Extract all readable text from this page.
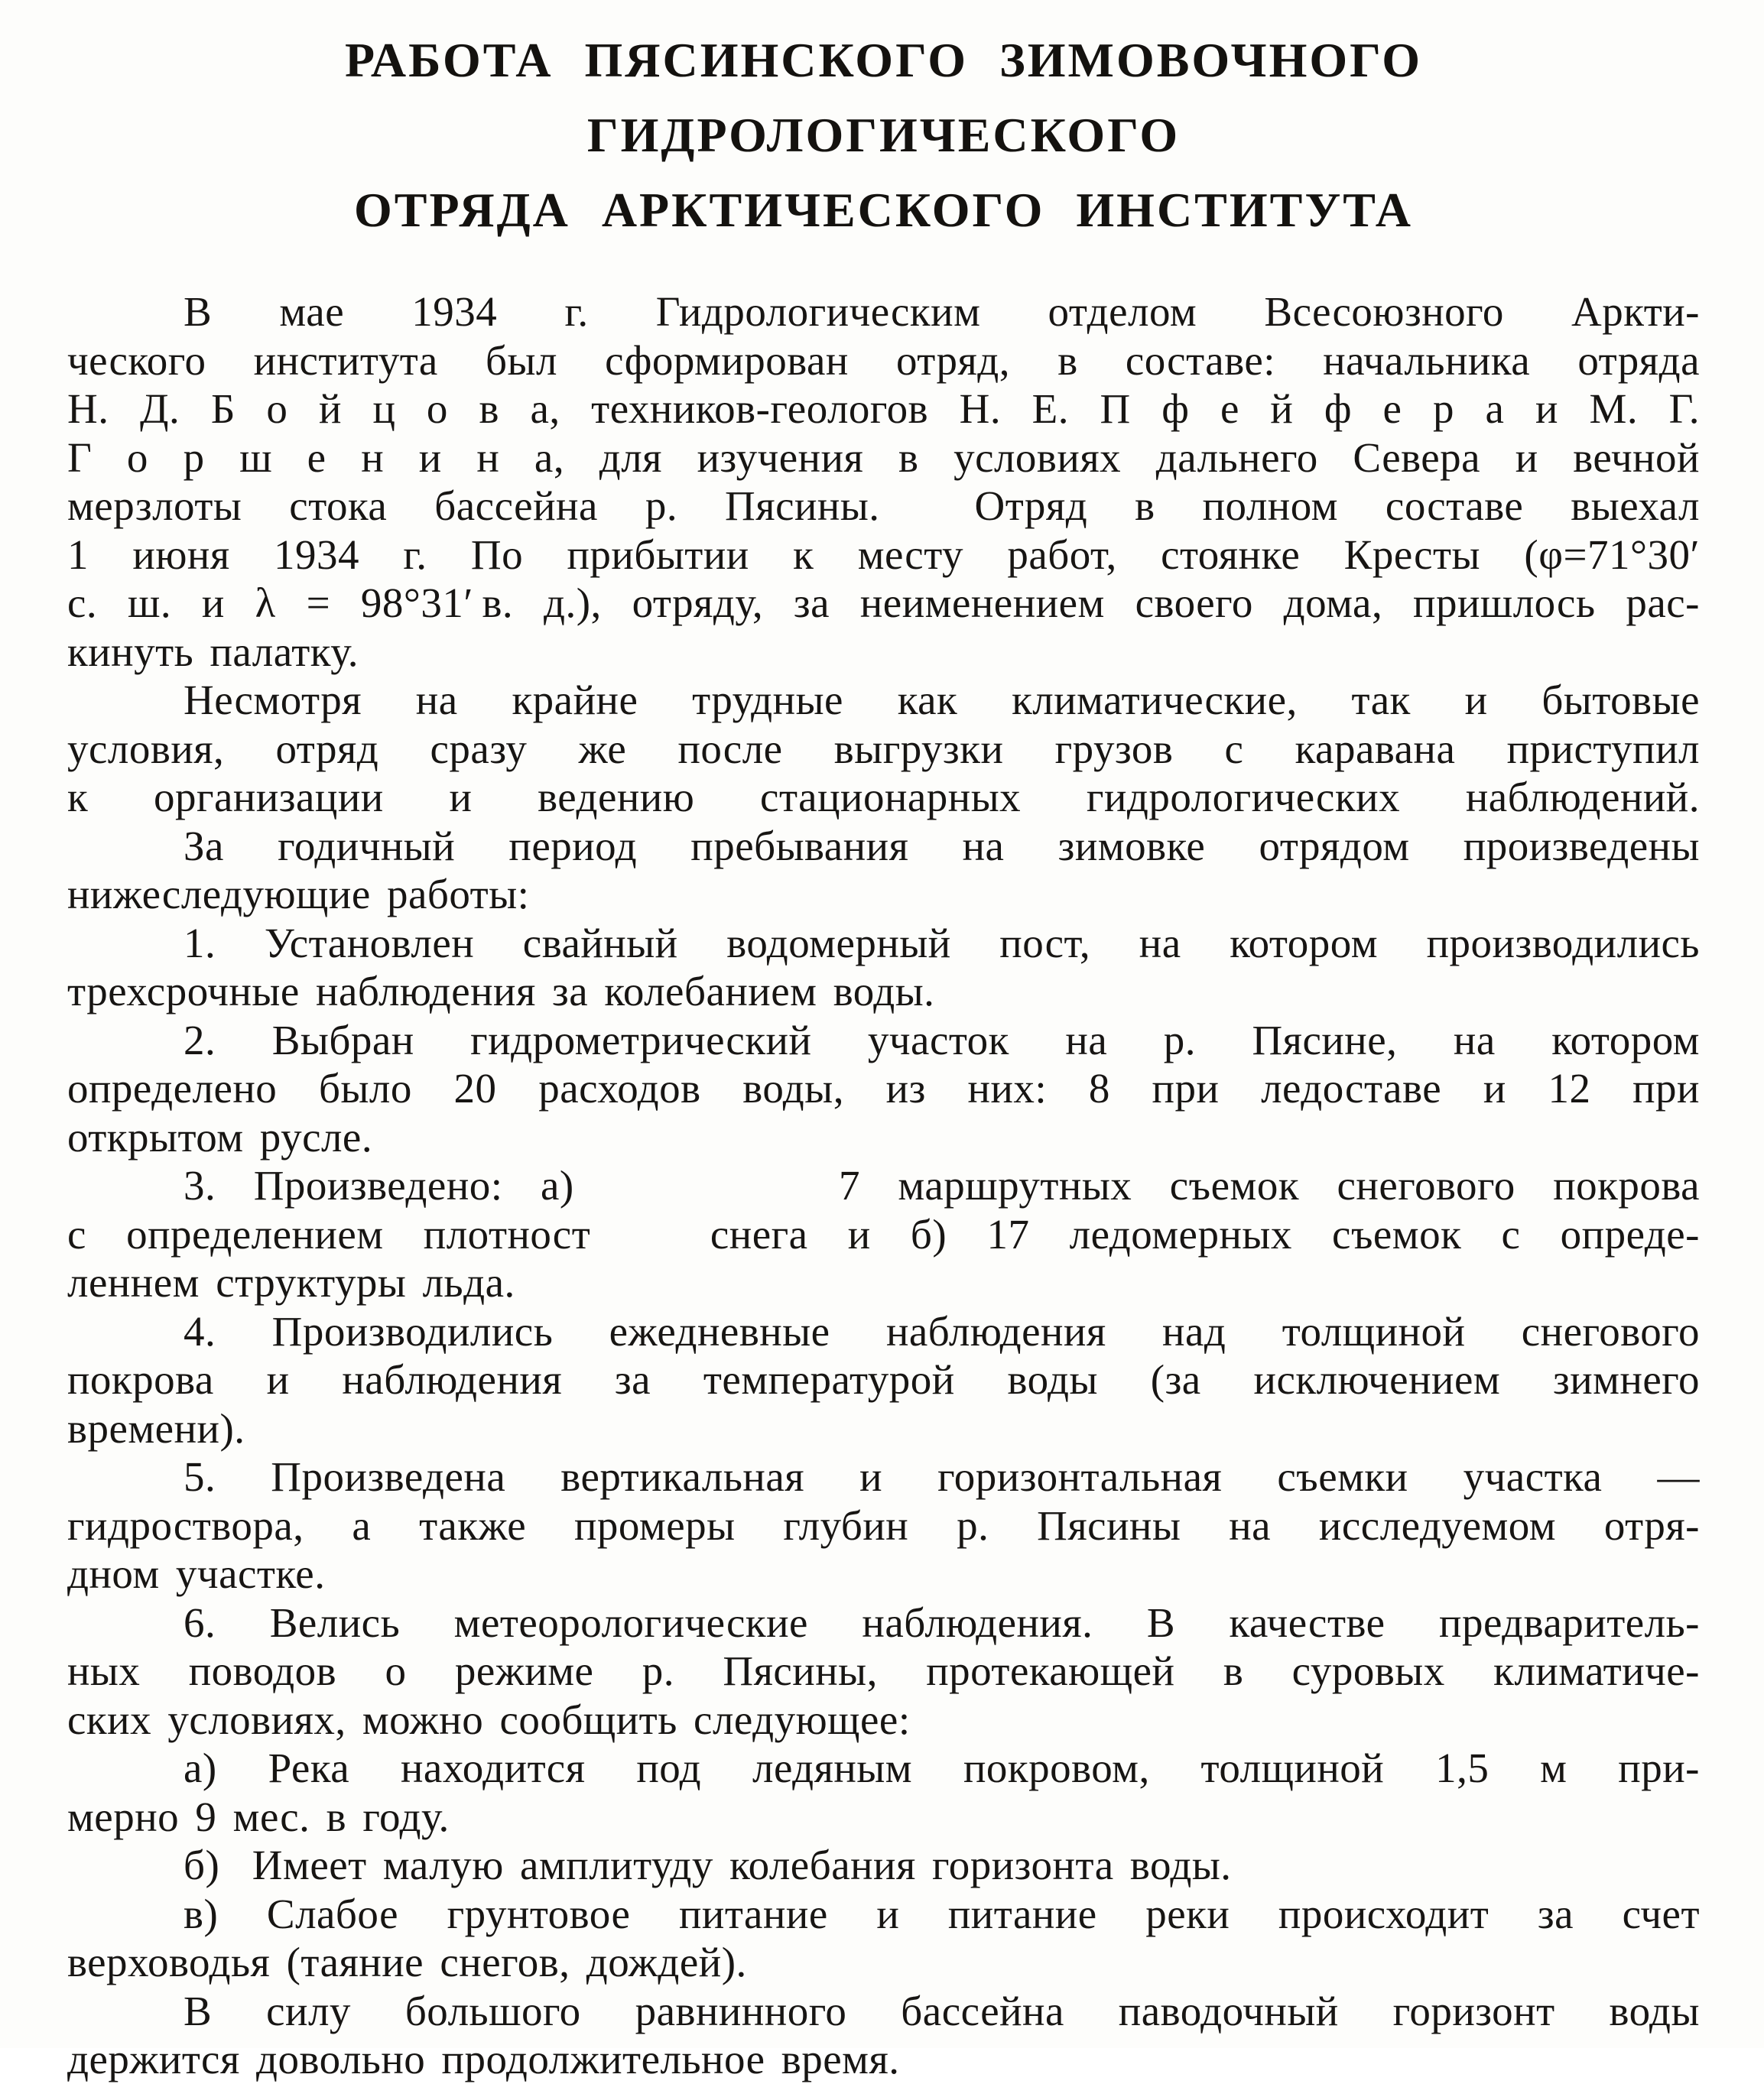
РАБОТА ПЯСИНСКОГО ЗИМОВОЧНОГО ГИДРОЛОГИЧЕСКОГО
ОТРЯДА АРКТИЧЕСКОГО ИНСТИТУТА
В мае 1934 г. Гидрологическим отделом Всесоюзного Аркти-
ческого института был сформирован отряд, в составе: начальника отряда
Н. Д. Б о й ц о в а, техников-геологов Н. Е. П ф е й ф е р а и М. Г.
Г о р ш е н и н а, для изучения в условиях дальнего Севера и вечной
мерзлоты стока бассейна р. Пясины.  Отряд в полном составе выехал
1 июня 1934 г. По прибытии к месту работ, стоянке Кресты (φ=71°30′
с. ш. и λ = 98°31′ в. д.), отряду, за неименением своего дома, пришлось рас-
кинуть палатку.
Несмотря на крайне трудные как климатические, так и бытовые
условия, отряд сразу же после выгрузки грузов с каравана приступил
к организации и ведению стационарных гидрологических наблюдений.
За годичный период пребывания на зимовке отрядом произведены
нижеследующие работы:
1. Установлен свайный водомерный пост, на котором производились
трехсрочные наблюдения за колебанием воды.
2. Выбран гидрометрический участок на р. Пясине, на котором
определено было 20 расходов воды, из них: 8 при ледоставе и 12 при
открытом русле.
3. Произведено: а)       7 маршрутных съемок снегового покрова
с определением плотност   снега и б) 17 ледомерных съемок с опреде-
леннем структуры льда.
4. Производились ежедневные наблюдения над толщиной снегового
покрова и наблюдения за температурой воды (за исключением зимнего
времени).
5. Произведена вертикальная и горизонтальная съемки участка —
гидроствора, а также промеры глубин р. Пясины на исследуемом отря-
дном участке.
6. Велись метеорологические наблюдения. В качестве предваритель-
ных поводов о режиме р. Пясины, протекающей в суровых климатиче-
ских условиях, можно сообщить следующее:
а) Река находится под ледяным покровом, толщиной 1,5 м при-
мерно 9 мес. в году.
б)  Имеет малую амплитуду колебания горизонта воды.
в) Слабое грунтовое питание и питание реки происходит за счет
верховодья (таяние снегов, дождей).
В силу большого равнинного бассейна паводочный горизонт воды
держится довольно продолжительное время.
